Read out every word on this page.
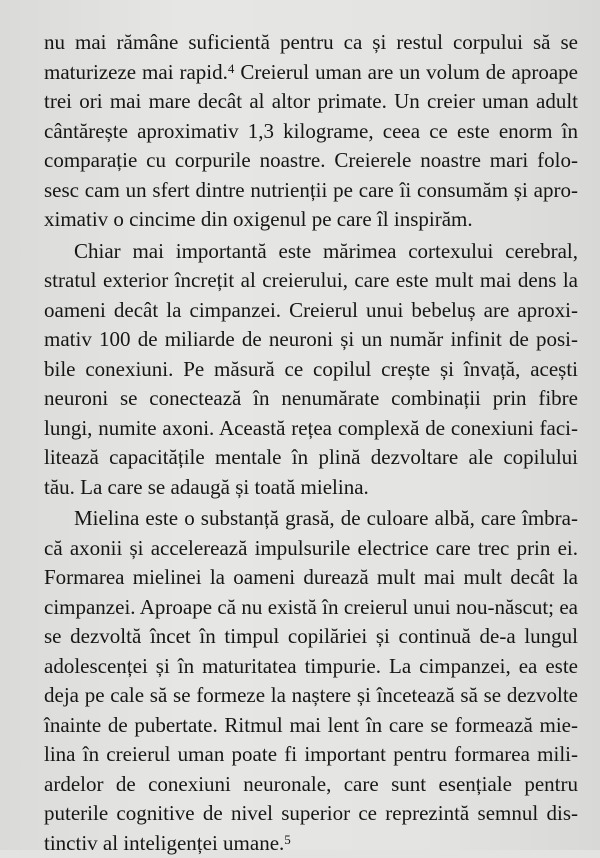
nu mai rămâne suficientă pentru ca și restul corpului să se maturizeze mai rapid.$^4$ Creierul uman are un volum de aproape trei ori mai mare decât al altor primate. Un creier uman adult cântărește aproximativ 1,3 kilograme, ceea ce este enorm în comparație cu corpurile noastre. Creierele noastre mari folosesc cam un sfert dintre nutrienții pe care îi consumăm și aproximativ o cincime din oxigenul pe care îl inspirăm.

Chiar mai importantă este mărimea cortexului cerebral, stratul exterior încrețit al creierului, care este mult mai dens la oameni decât la cimpanzei. Creierul unui bebeluș are aproximativ 100 de miliarde de neuroni și un număr infinit de posibile conexiuni. Pe măsură ce copilul crește și învață, acești neuroni se conectează în nenumărate combinații prin fibre lungi, numite axoni. Această rețea complexă de conexiuni facilitează capacitățile mentale în plină dezvoltare ale copilului tău. La care se adaugă și toată mielina.

Mielina este o substanță grasă, de culoare albă, care îmbracă axonii și accelerează impulsurile electrice care trec prin ei. Formarea mielinei la oameni durează mult mai mult decât la cimpanzei. Aproape că nu există în creierul unui nou-născut; ea se dezvoltă încet în timpul copilăriei și continuă de-a lungul adolescenței și în maturitatea timpurie. La cimpanzei, ea este deja pe cale să se formeze la naștere și încetează să se dezvolte înainte de pubertate. Ritmul mai lent în care se formează mielina în creierul uman poate fi important pentru formarea miliardelor de conexiuni neuronale, care sunt esențiale pentru puterile cognitive de nivel superior ce reprezintă semnul distinctiv al inteligenței umane.$^5$
